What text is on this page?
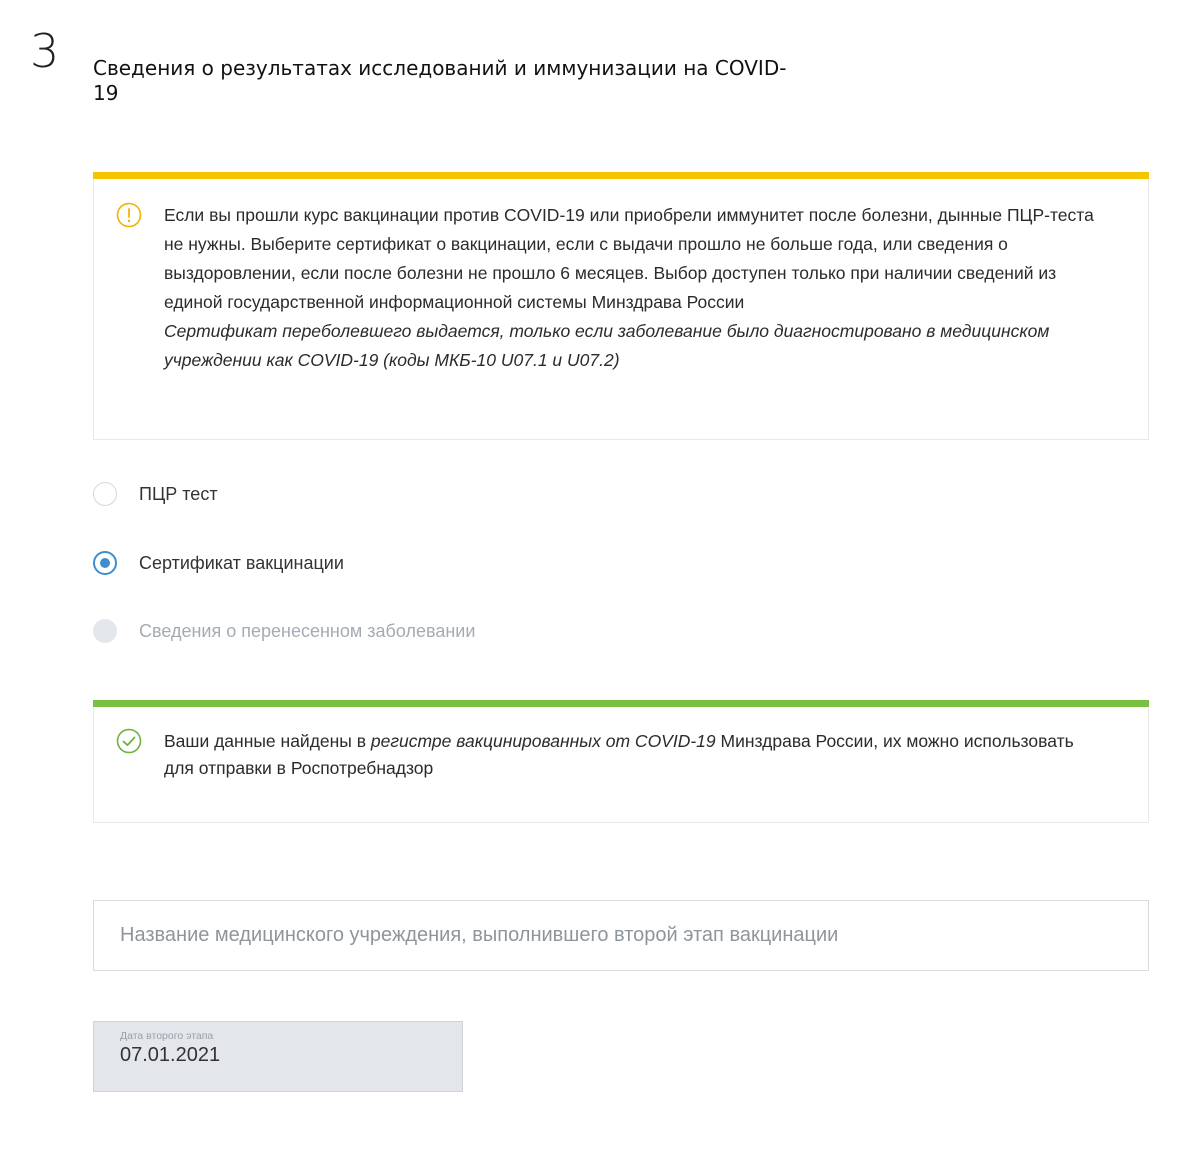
3 Сведения о результатах исследований и иммунизации на COVID-19

Если вы прошли курс вакцинации против COVID-19 или приобрели иммунитет после болезни, дынные ПЦР-теста не нужны. Выберите сертификат о вакцинации, если с выдачи прошло не больше года, или сведения о выздоровлении, если после болезни не прошло 6 месяцев. Выбор доступен только при наличии сведений из единой государственной информационной системы Минздрава России

Сертификат переболевшего выдается, только если заболевание было диагностировано в медицинском учреждении как COVID-19 (коды МКБ-10 U07.1 и U07.2)

ПЦР тест
Сертификат вакцинации
Сведения о перенесенном заболевании
Ваши данные найдены в регистре вакцинированных от COVID-19 Минздрава России, их можно использовать для отправки в Роспотребнадзор
Название медицинского учреждения, выполнившего второй этап вакцинации
Дата второго этапа
07.01.2021
